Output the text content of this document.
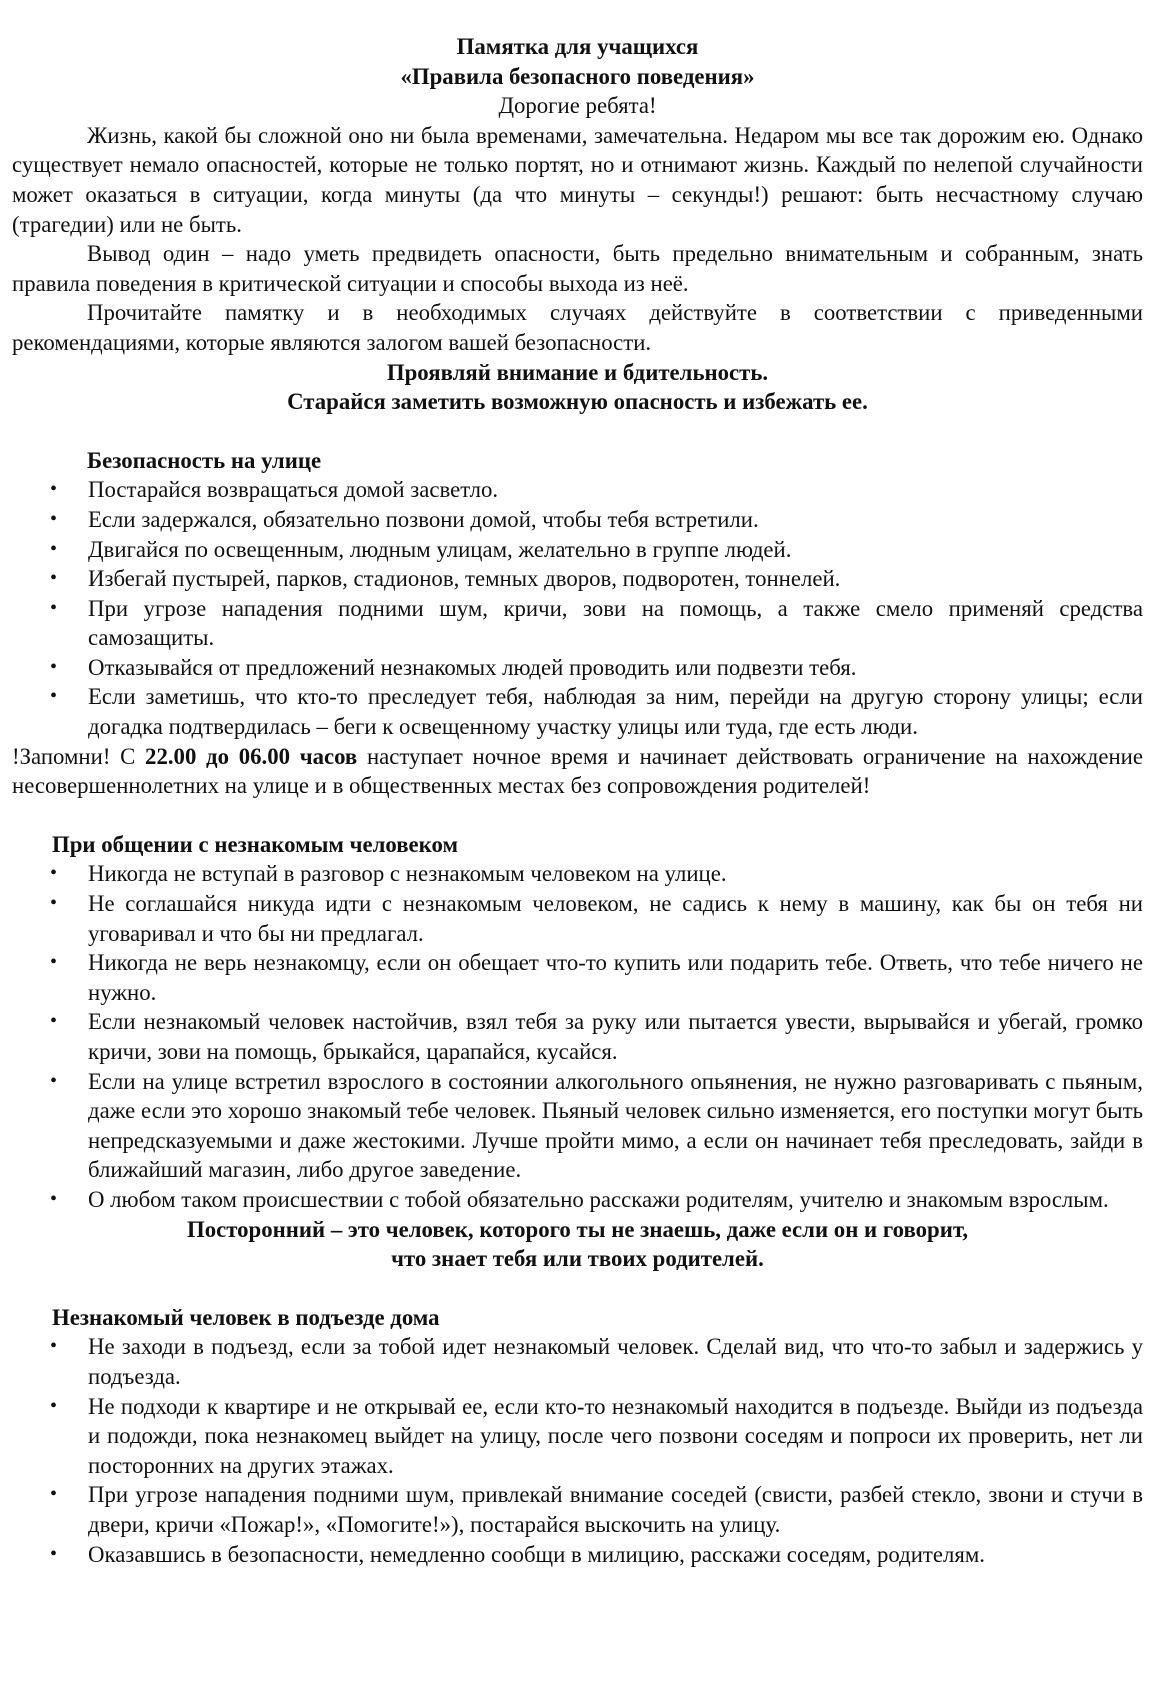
Памятка для учащихся
«Правила безопасного поведения»
Дорогие ребята!

Жизнь, какой бы сложной оно ни была временами, замечательна. Недаром мы все так дорожим ею. Однако существует немало опасностей, которые не только портят, но и отнимают жизнь. Каждый по нелепой случайности может оказаться в ситуации, когда минуты (да что минуты – секунды!) решают: быть несчастному случаю (трагедии) или не быть.

Вывод один – надо уметь предвидеть опасности, быть предельно внимательным и собранным, знать правила поведения в критической ситуации и способы выхода из неё.

Прочитайте памятку и в необходимых случаях действуйте в соответствии с приведенными рекомендациями, которые являются залогом вашей безопасности.

Проявляй внимание и бдительность.
Старайся заметить возможную опасность и избежать ее.
Безопасность на улице
• Постарайся возвращаться домой засветло.
• Если задержался, обязательно позвони домой, чтобы тебя встретили.
• Двигайся по освещенным, людным улицам, желательно в группе людей.
• Избегай пустырей, парков, стадионов, темных дворов, подворотен, тоннелей.
• При угрозе нападения подними шум, кричи, зови на помощь, а также смело применяй средства самозащиты.
• Отказывайся от предложений незнакомых людей проводить или подвезти тебя.
• Если заметишь, что кто-то преследует тебя, наблюдая за ним, перейди на другую сторону улицы; если догадка подтвердилась – беги к освещенному участку улицы или туда, где есть люди.

!Запомни! С 22.00 до 06.00 часов наступает ночное время и начинает действовать ограничение на нахождение несовершеннолетних на улице и в общественных местах без сопровождения родителей!

При общении с незнакомым человеком
• Никогда не вступай в разговор с незнакомым человеком на улице.
• Не соглашайся никуда идти с незнакомым человеком, не садись к нему в машину, как бы он тебя ни уговаривал и что бы ни предлагал.
• Никогда не верь незнакомцу, если он обещает что-то купить или подарить тебе. Ответь, что тебе ничего не нужно.
• Если незнакомый человек настойчив, взял тебя за руку или пытается увести, вырывайся и убегай, громко кричи, зови на помощь, брыкайся, царапайся, кусайся.
• Если на улице встретил взрослого в состоянии алкогольного опьянения, не нужно разговаривать с пьяным, даже если это хорошо знакомый тебе человек. Пьяный человек сильно изменяется, его поступки могут быть непредсказуемыми и даже жестокими. Лучше пройти мимо, а если он начинает тебя преследовать, зайди в ближайший магазин, либо другое заведение.
• О любом таком происшествии с тобой обязательно расскажи родителям, учителю и знакомым взрослым.
Посторонний – это человек, которого ты не знаешь, даже если он и говорит,
что знает тебя или твоих родителей.
Незнакомый человек в подъезде дома
• Не заходи в подъезд, если за тобой идет незнакомый человек. Сделай вид, что что-то забыл и задержись у подъезда.
• Не подходи к квартире и не открывай ее, если кто-то незнакомый находится в подъезде. Выйди из подъезда и подожди, пока незнакомец выйдет на улицу, после чего позвони соседям и попроси их проверить, нет ли посторонних на других этажах.
• При угрозе нападения подними шум, привлекай внимание соседей (свисти, разбей стекло, звони и стучи в двери, кричи «Пожар!», «Помогите!»), постарайся выскочить на улицу.
• Оказавшись в безопасности, немедленно сообщи в милицию, расскажи соседям, родителям.
